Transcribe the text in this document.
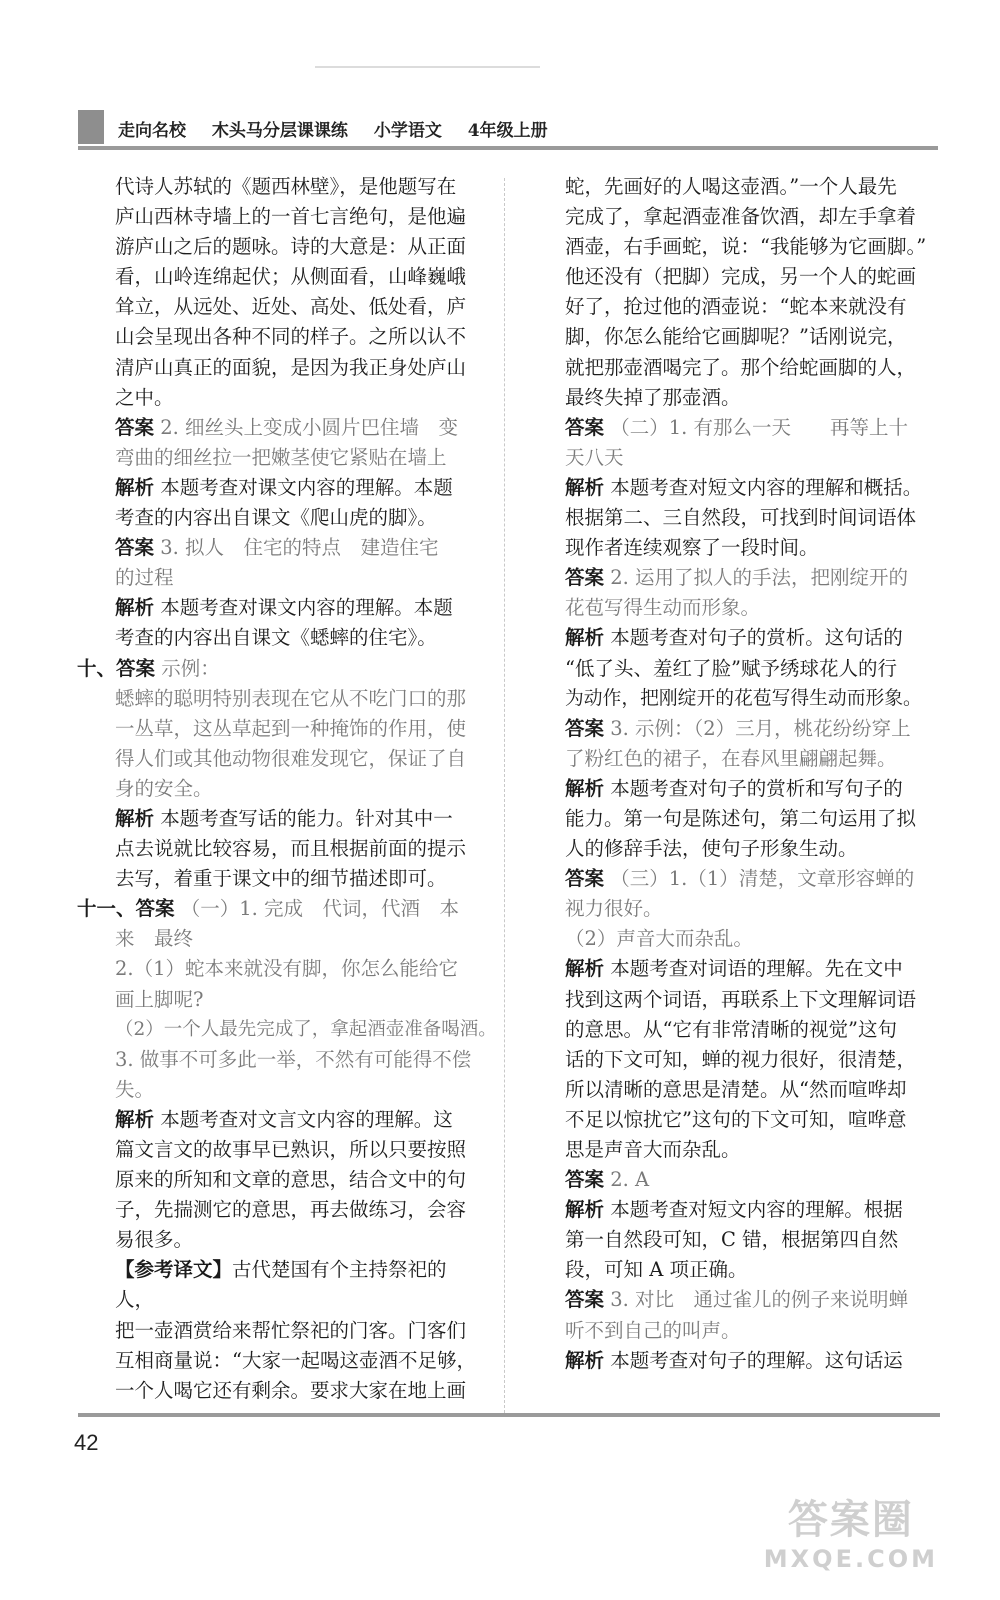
走向名校 木头马分层课课练 小学语文 4年级上册

代诗人苏轼的《题西林壁》，是他题写在

庐山西林寺墙上的一首七言绝句，是他遍

游庐山之后的题咏。诗的大意是：从正面

看，山岭连绵起伏；从侧面看，山峰巍峨

耸立，从远处、近处、高处、低处看，庐

山会呈现出各种不同的样子。之所以认不

清庐山真正的面貌，是因为我正身处庐山

之中。

答案 2. 细丝头上变成小圆片巴住墙　变

弯曲的细丝拉一把嫩茎使它紧贴在墙上

解析 本题考查对课文内容的理解。本题

考查的内容出自课文《爬山虎的脚》。

答案 3. 拟人　住宅的特点　建造住宅

的过程

解析 本题考查对课文内容的理解。本题

考查的内容出自课文《蟋蟀的住宅》。

十、答案 示例：

蟋蟀的聪明特别表现在它从不吃门口的那

一丛草，这丛草起到一种掩饰的作用，使

得人们或其他动物很难发现它，保证了自

身的安全。

解析 本题考查写话的能力。针对其中一

点去说就比较容易，而且根据前面的提示

去写，着重于课文中的细节描述即可。

十一、答案 （一）1. 完成　代词，代酒　本

来　最终

2.（1）蛇本来就没有脚，你怎么能给它

画上脚呢?

（2）一个人最先完成了，拿起酒壶准备喝酒。

3. 做事不可多此一举，不然有可能得不偿

失。

解析 本题考查对文言文内容的理解。这

篇文言文的故事早已熟识，所以只要按照

原来的所知和文章的意思，结合文中的句

子，先揣测它的意思，再去做练习，会容

易很多。

【参考译文】古代楚国有个主持祭祀的人，

把一壶酒赏给来帮忙祭祀的门客。门客们

互相商量说：“大家一起喝这壶酒不足够，

一个人喝它还有剩余。要求大家在地上画

蛇，先画好的人喝这壶酒。”一个人最先

完成了，拿起酒壶准备饮酒，却左手拿着

酒壶，右手画蛇，说：“我能够为它画脚。”

他还没有（把脚）完成，另一个人的蛇画

好了，抢过他的酒壶说：“蛇本来就没有

脚，你怎么能给它画脚呢？”话刚说完，

就把那壶酒喝完了。那个给蛇画脚的人，

最终失掉了那壶酒。

答案 （二）1. 有那么一天　　再等上十

天八天

解析 本题考查对短文内容的理解和概括。

根据第二、三自然段，可找到时间词语体

现作者连续观察了一段时间。

答案 2. 运用了拟人的手法，把刚绽开的

花苞写得生动而形象。

解析 本题考查对句子的赏析。这句话的

“低了头、羞红了脸”赋予绣球花人的行

为动作，把刚绽开的花苞写得生动而形象。

答案 3. 示例：（2）三月，桃花纷纷穿上

了粉红色的裙子，在春风里翩翩起舞。

解析 本题考查对句子的赏析和写句子的

能力。第一句是陈述句，第二句运用了拟

人的修辞手法，使句子形象生动。

答案 （三）1.（1）清楚，文章形容蝉的

视力很好。

（2）声音大而杂乱。

解析 本题考查对词语的理解。先在文中

找到这两个词语，再联系上下文理解词语

的意思。从“它有非常清晰的视觉”这句

话的下文可知，蝉的视力很好，很清楚，

所以清晰的意思是清楚。从“然而喧哗却

不足以惊扰它”这句的下文可知，喧哗意

思是声音大而杂乱。

答案 2. A

解析 本题考查对短文内容的理解。根据

第一自然段可知，C 错，根据第四自然

段，可知 A 项正确。

答案 3. 对比　通过雀儿的例子来说明蝉

听不到自己的叫声。

解析 本题考查对句子的理解。这句话运

42
答案圈
MXQE.COM
